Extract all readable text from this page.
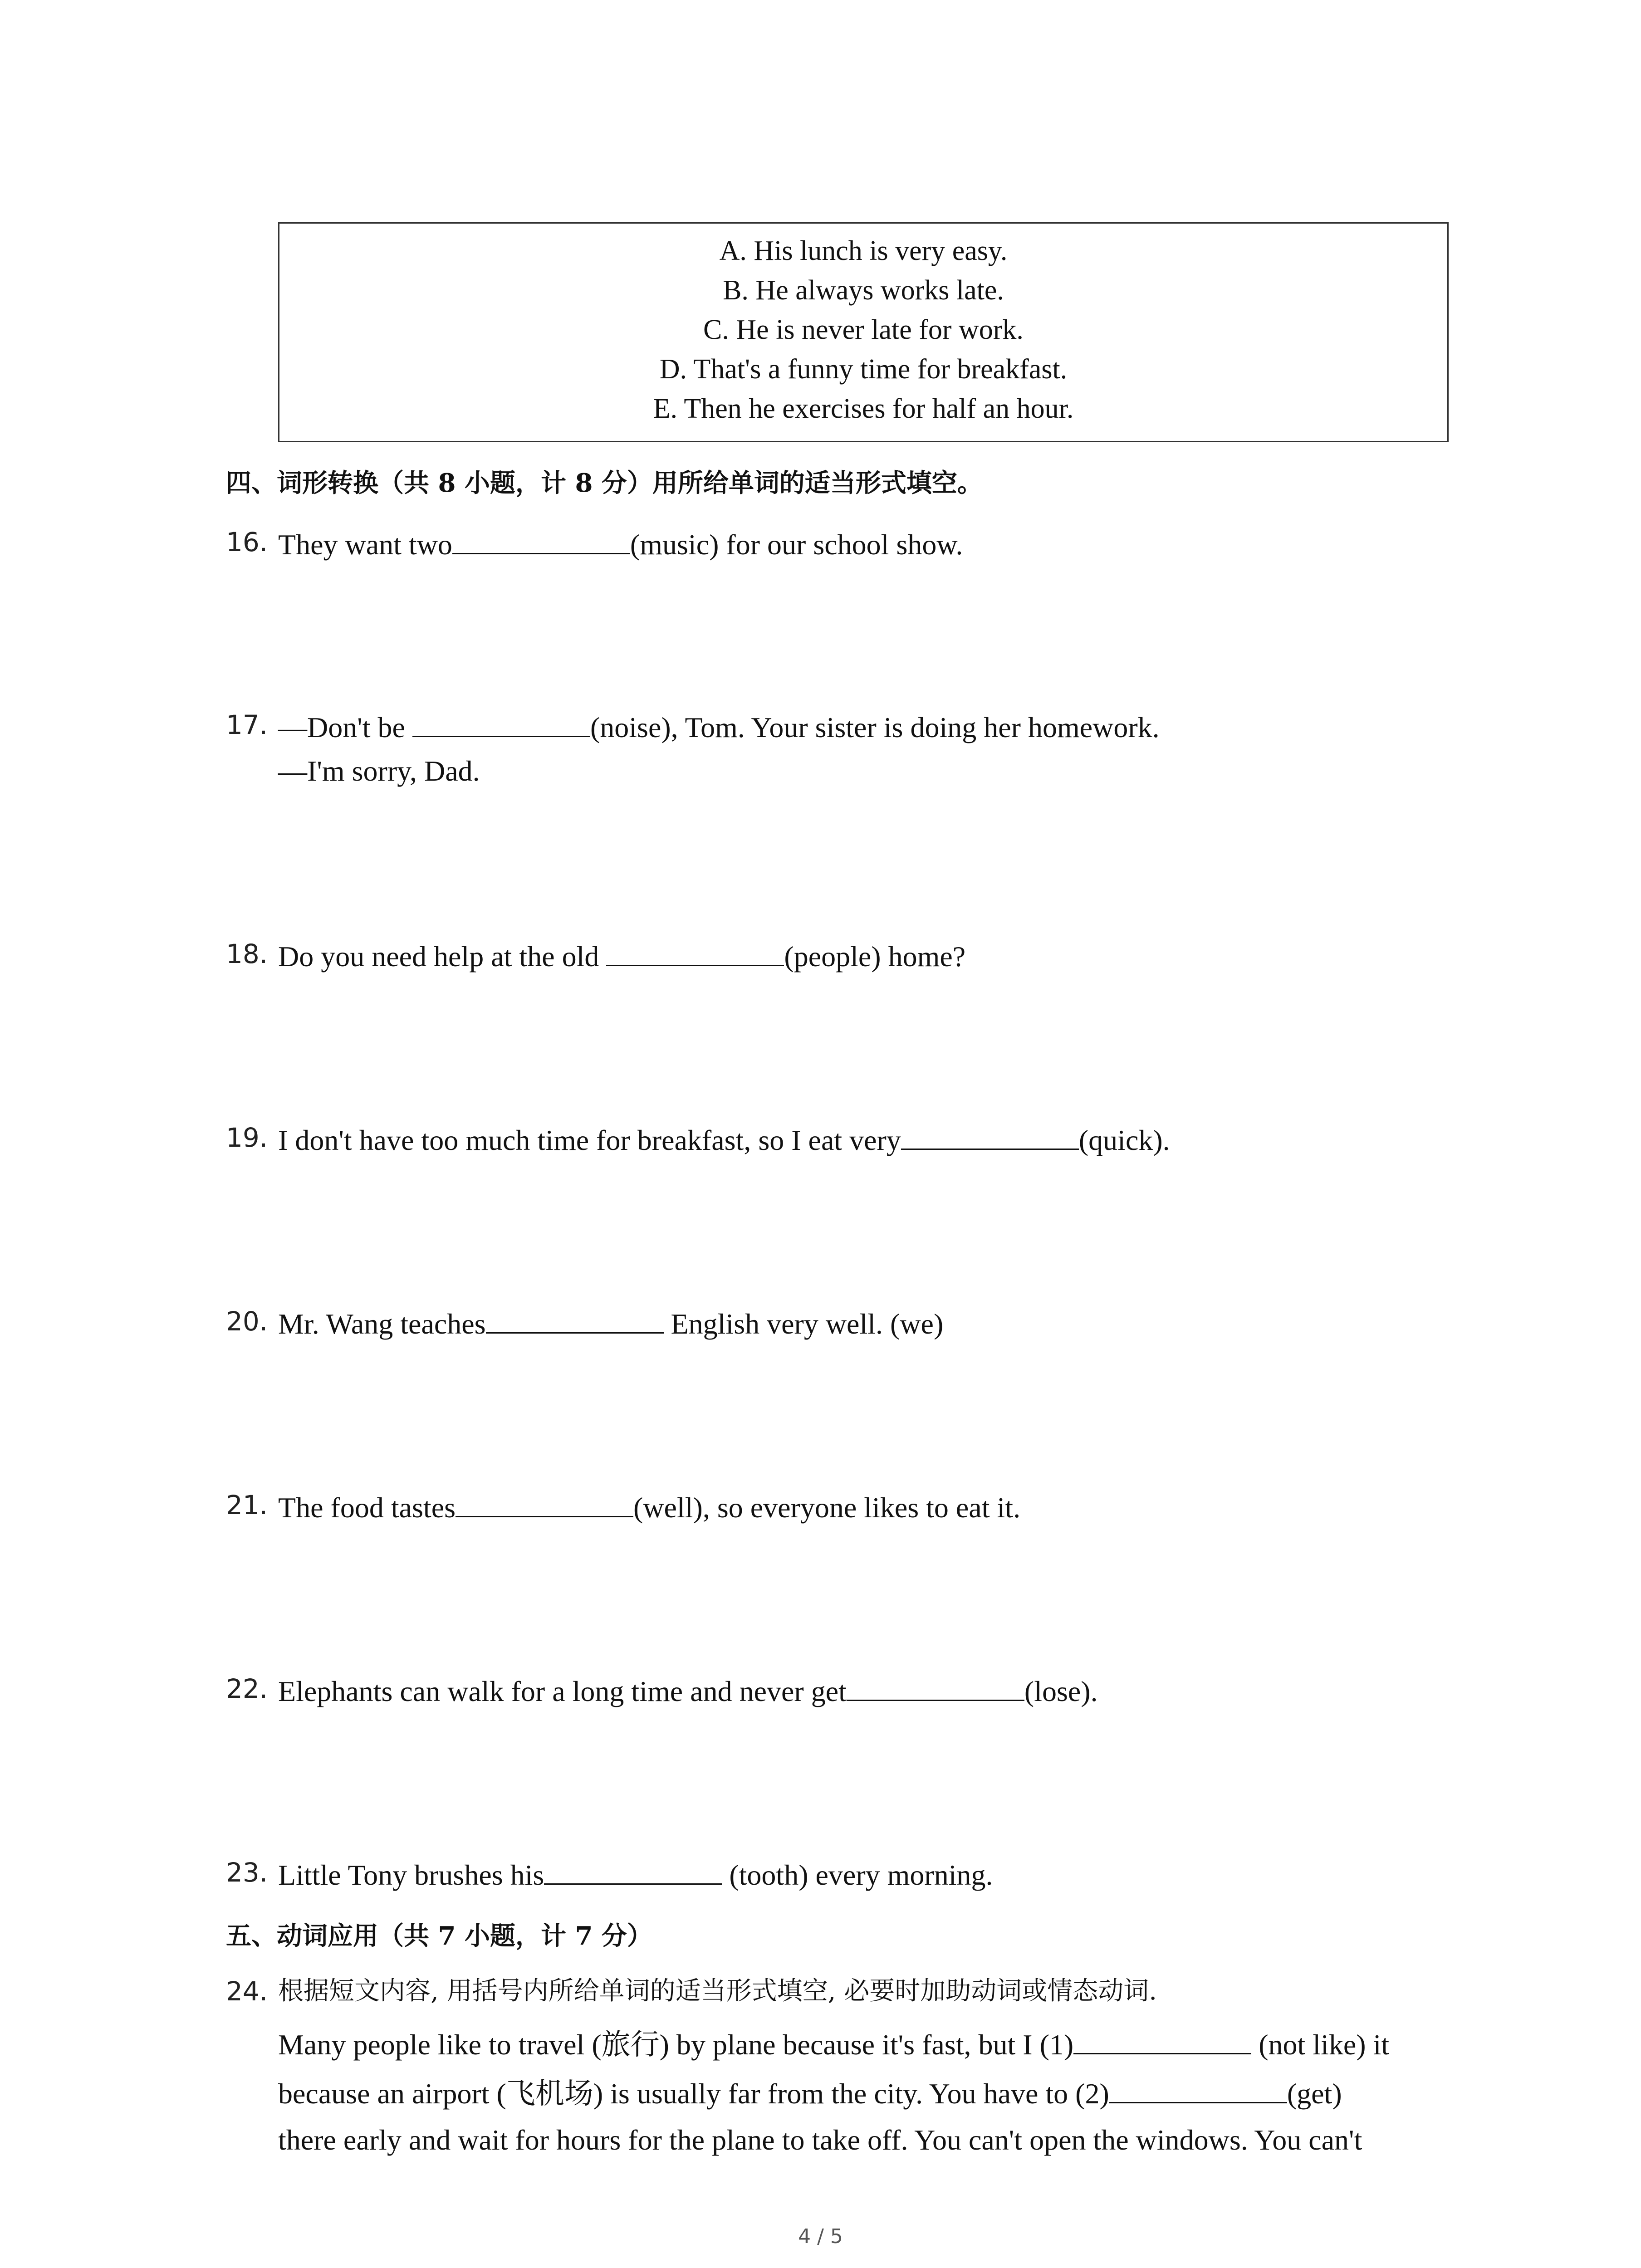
A. His lunch is very easy.
B. He always works late.
C. He is never late for work.
D. That's a funny time for breakfast.
E. Then he exercises for half an hour.
四、词形转换（共 8 小题，计 8 分）用所给单词的适当形式填空。
16. They want two	(music) for our school show.
17. —Don't be	(noise), Tom. Your sister is doing her homework.
—I'm sorry, Dad.
18. Do you need help at the old	(people) home?
19. I don't have too much time for breakfast, so I eat very	(quick).
20. Mr. Wang teaches	English very well. (we)
21. The food tastes	(well), so everyone likes to eat it.
22. Elephants can walk for a long time and never get	(lose).
23. Little Tony brushes his	(tooth) every morning.
五、动词应用（共 7 小题，计 7 分）
24. 根据短文内容, 用括号内所给单词的适当形式填空, 必要时加助动词或情态动词.
Many people like to travel (旅行) by plane because it's fast, but I (1)	(not like) it
because an airport (飞机场) is usually far from the city. You have to (2)	(get)
there early and wait for hours for the plane to take off. You can't open the windows. You can't
4 / 5
